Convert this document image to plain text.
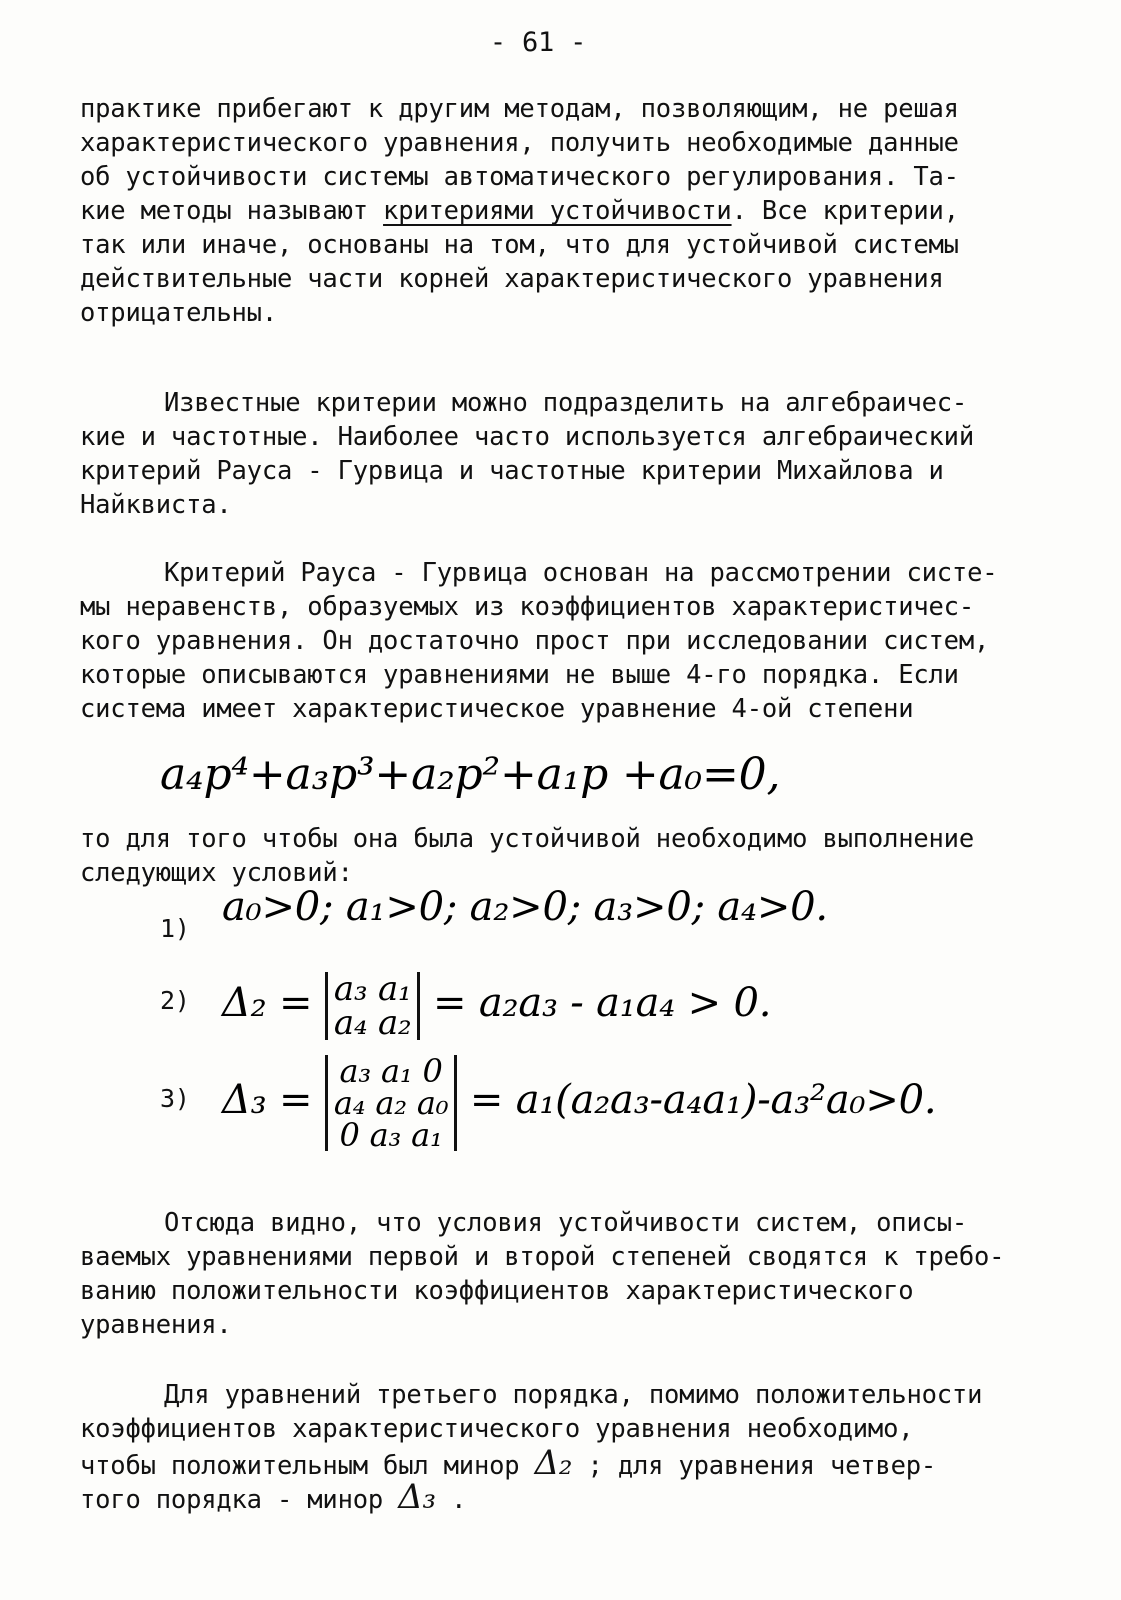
- 61 -
практике прибегают к другим методам, позволяющим, не решая
характеристического уравнения, получить необходимые данные
об устойчивости системы автоматического регулирования. Та-
кие методы называют критериями устойчивости. Все критерии,
так или иначе, основаны на том, что для устойчивой системы
действительные части корней характеристического уравнения
отрицательны.
Известные критерии можно подразделить на алгебраичес-
кие и частотные. Наиболее часто используется алгебраический
критерий Рауса - Гурвица и частотные критерии Михайлова и
Найквиста.
Критерий Рауса - Гурвица основан на рассмотрении систе-
мы неравенств, образуемых из коэффициентов характеристичес-
кого уравнения. Он достаточно прост при исследовании систем,
которые описываются уравнениями не выше 4-го порядка. Если
система имеет характеристическое уравнение 4-ой степени
a₄p⁴+a₃p³+a₂p²+a₁p +a₀=0,
то для того чтобы она была устойчивой необходимо выполнение
следующих условий:
1) a₀>0; a₁>0; a₂>0; a₃>0; a₄>0.
2) Δ₂ = a₃ a₁
a₄ a₂ = a₂a₃ - a₁a₄ > 0.
3) Δ₃ =
a₃ a₁ 0
a₄ a₂ a₀
0 a₃ a₁
= a₁(a₂a₃-a₄a₁)-a₃²a₀>0.
Отсюда видно, что условия устойчивости систем, описы-
ваемых уравнениями первой и второй степеней сводятся к требо-
ванию положительности коэффициентов характеристического
уравнения.
Для уравнений третьего порядка, помимо положительности
коэффициентов характеристического уравнения необходимо,
чтобы положительным был минор Δ₂ ; для уравнения четвер-
того порядка - минор Δ₃ .
